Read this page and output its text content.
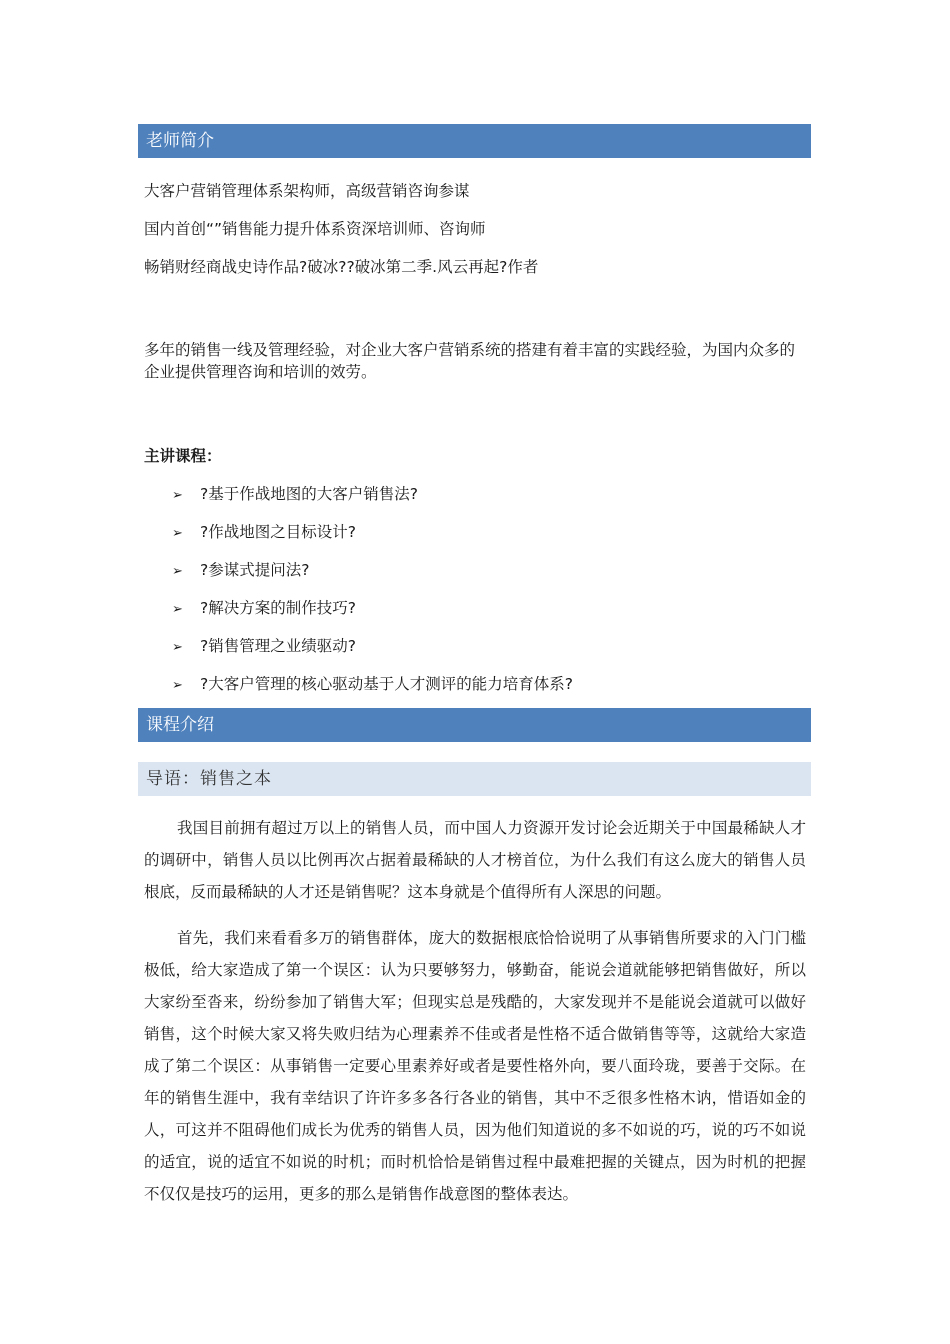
老师简介
大客户营销管理体系架构师，高级营销咨询参谋
国内首创“”销售能力提升体系资深培训师、咨询师
畅销财经商战史诗作品?破冰??破冰第二季.风云再起?作者
多年的销售一线及管理经验，对企业大客户营销系统的搭建有着丰富的实践经验，为国内众多的企业提供管理咨询和培训的效劳。
主讲课程：
➢ ?基于作战地图的大客户销售法?
➢ ?作战地图之目标设计?
➢ ?参谋式提问法?
➢ ?解决方案的制作技巧?
➢ ?销售管理之业绩驱动?
➢ ?大客户管理的核心驱动基于人才测评的能力培育体系?
课程介绍
导语：销售之本
我国目前拥有超过万以上的销售人员，而中国人力资源开发讨论会近期关于中国最稀缺人才的调研中，销售人员以比例再次占据着最稀缺的人才榜首位，为什么我们有这么庞大的销售人员根底，反而最稀缺的人才还是销售呢？这本身就是个值得所有人深思的问题。
首先，我们来看看多万的销售群体，庞大的数据根底恰恰说明了从事销售所要求的入门门槛极低，给大家造成了第一个误区：认为只要够努力，够勤奋，能说会道就能够把销售做好，所以大家纷至沓来，纷纷参加了销售大军；但现实总是残酷的，大家发现并不是能说会道就可以做好销售，这个时候大家又将失败归结为心理素养不佳或者是性格不适合做销售等等，这就给大家造成了第二个误区：从事销售一定要心里素养好或者是要性格外向，要八面玲珑，要善于交际。在年的销售生涯中，我有幸结识了许许多多各行各业的销售，其中不乏很多性格木讷，惜语如金的人，可这并不阻碍他们成长为优秀的销售人员，因为他们知道说的多不如说的巧，说的巧不如说的适宜，说的适宜不如说的时机；而时机恰恰是销售过程中最难把握的关键点，因为时机的把握不仅仅是技巧的运用，更多的那么是销售作战意图的整体表达。
